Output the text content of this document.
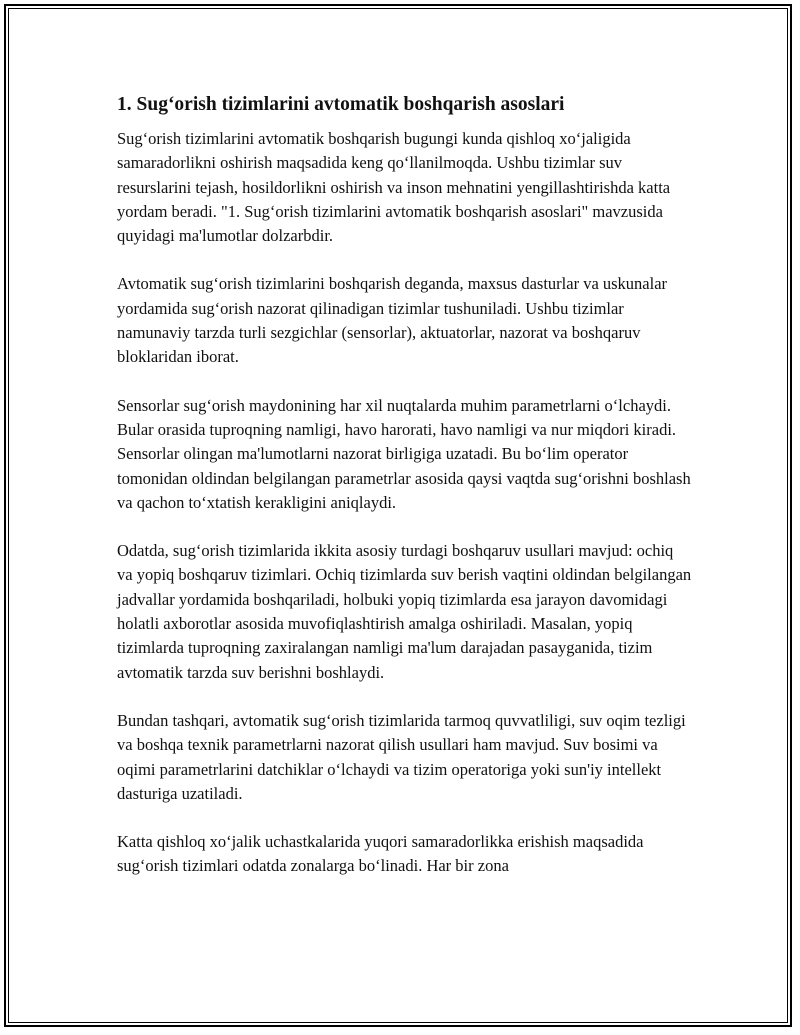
1. Sug‘orish tizimlarini avtomatik boshqarish asoslari

Sug‘orish tizimlarini avtomatik boshqarish bugungi kunda qishloq xo‘jaligida samaradorlikni oshirish maqsadida keng qo‘llanilmoqda. Ushbu tizimlar suv resurslarini tejash, hosildorlikni oshirish va inson mehnatini yengillashtirishda katta yordam beradi. "1. Sug‘orish tizimlarini avtomatik boshqarish asoslari" mavzusida quyidagi ma'lumotlar dolzarbdir.

Avtomatik sug‘orish tizimlarini boshqarish deganda, maxsus dasturlar va uskunalar yordamida sug‘orish nazorat qilinadigan tizimlar tushuniladi. Ushbu tizimlar namunaviy tarzda turli sezgichlar (sensorlar), aktuatorlar, nazorat va boshqaruv bloklaridan iborat.

Sensorlar sug‘orish maydonining har xil nuqtalarda muhim parametrlarni o‘lchaydi. Bular orasida tuproqning namligi, havo harorati, havo namligi va nur miqdori kiradi. Sensorlar olingan ma'lumotlarni nazorat birligiga uzatadi. Bu bo‘lim operator tomonidan oldindan belgilangan parametrlar asosida qaysi vaqtda sug‘orishni boshlash va qachon to‘xtatish kerakligini aniqlaydi.

Odatda, sug‘orish tizimlarida ikkita asosiy turdagi boshqaruv usullari mavjud: ochiq va yopiq boshqaruv tizimlari. Ochiq tizimlarda suv berish vaqtini oldindan belgilangan jadvallar yordamida boshqariladi, holbuki yopiq tizimlarda esa jarayon davomidagi holatli axborotlar asosida muvofiqlashtirish amalga oshiriladi. Masalan, yopiq tizimlarda tuproqning zaxiralangan namligi ma'lum darajadan pasayganida, tizim avtomatik tarzda suv berishni boshlaydi.

Bundan tashqari, avtomatik sug‘orish tizimlarida tarmoq quvvatliligi, suv oqim tezligi va boshqa texnik parametrlarni nazorat qilish usullari ham mavjud. Suv bosimi va oqimi parametrlarini datchiklar o‘lchaydi va tizim operatoriga yoki sun'iy intellekt dasturiga uzatiladi.

Katta qishloq xo‘jalik uchastkalarida yuqori samaradorlikka erishish maqsadida sug‘orish tizimlari odatda zonalarga bo‘linadi. Har bir zona
